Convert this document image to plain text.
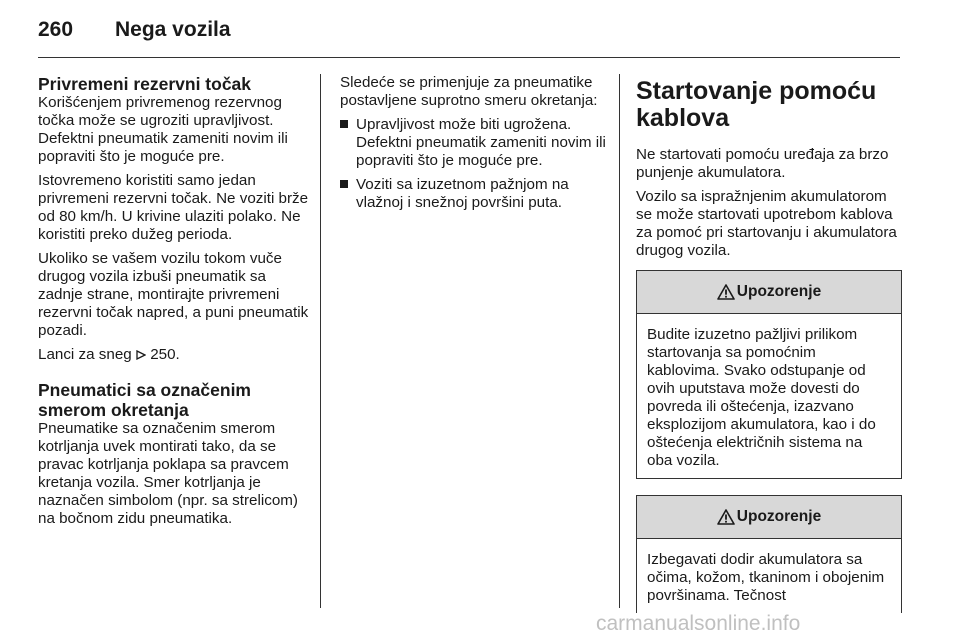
260 Nega vozila
Privremeni rezervni točak

Korišćenjem privremenog rezervnog točka može se ugroziti upravljivost. Defektni pneumatik zameniti novim ili popraviti što je moguće pre.

Istovremeno koristiti samo jedan privremeni rezervni točak. Ne voziti brže od 80 km/h. U krivine ulaziti polako. Ne koristiti preko dužeg perioda.

Ukoliko se vašem vozilu tokom vuče drugog vozila izbuši pneumatik sa zadnje strane, montirajte privremeni rezervni točak napred, a puni pneumatik pozadi.

Lanci za sneg 250.

Pneumatici sa označenim smerom okretanja

Pneumatike sa označenim smerom kotrljanja uvek montirati tako, da se pravac kotrljanja poklapa sa pravcem kretanja vozila. Smer kotrljanja je naznačen simbolom (npr. sa strelicom) na bočnom zidu pneumatika.

Sledeće se primenjuje za pneumatike postavljene suprotno smeru okretanja:

Upravljivost može biti ugrožena. Defektni pneumatik zameniti novim ili popraviti što je moguće pre.
Voziti sa izuzetnom pažnjom na vlažnoj i snežnoj površini puta.
Startovanje pomoću kablova

Ne startovati pomoću uređaja za brzo punjenje akumulatora.

Vozilo sa ispražnjenim akumulatorom se može startovati upotrebom kablova za pomoć pri startovanju i akumulatora drugog vozila.

Upozorenje
Budite izuzetno pažljivi prilikom startovanja sa pomoćnim kablovima. Svako odstupanje od ovih uputstava može dovesti do povreda ili oštećenja, izazvano eksplozijom akumulatora, kao i do oštećenja električnih sistema na oba vozila.
Upozorenje
Izbegavati dodir akumulatora sa očima, kožom, tkaninom i obojenim površinama. Tečnost
carmanualsonline.info
